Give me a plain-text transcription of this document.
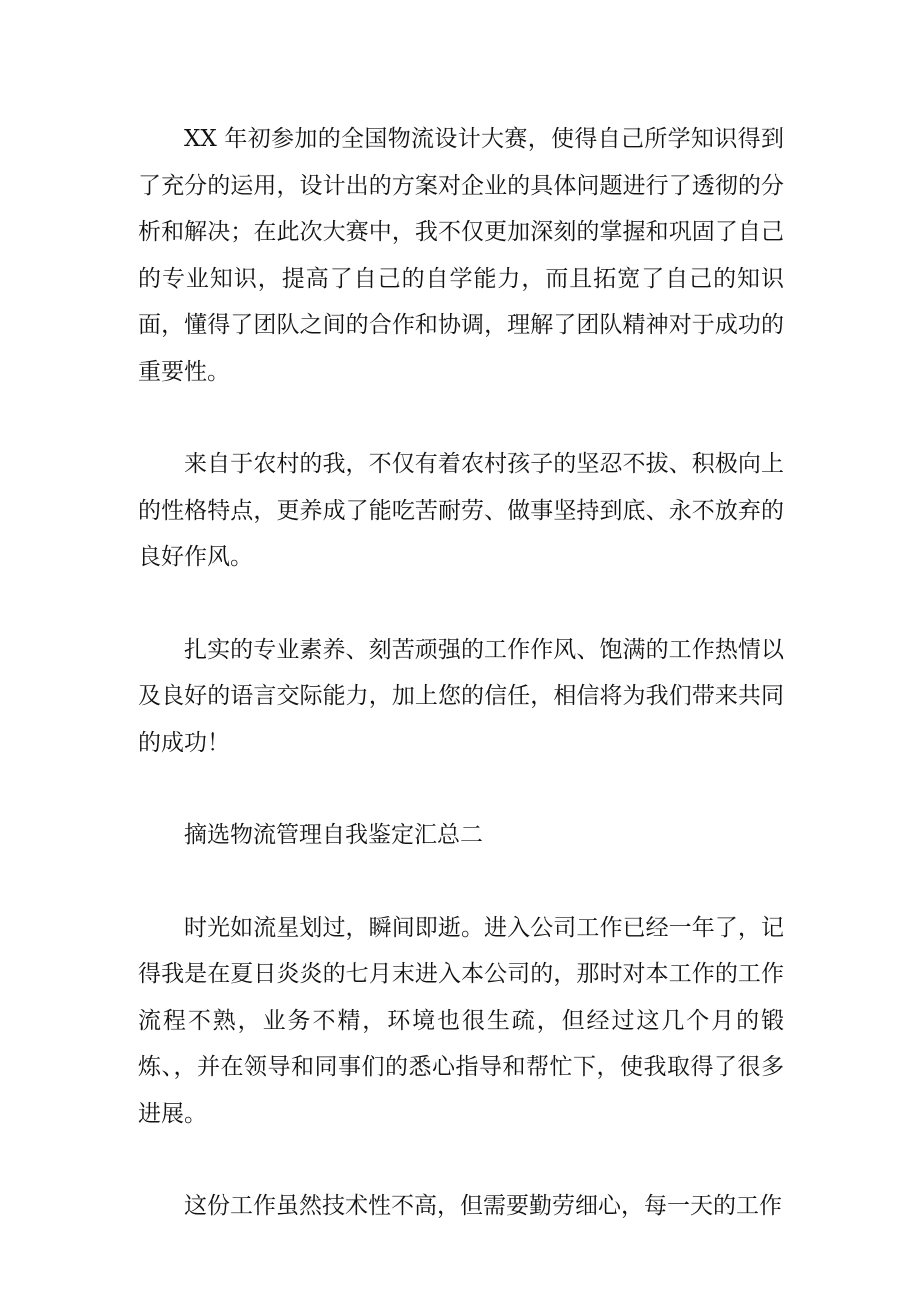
XX 年初参加的全国物流设计大赛，使得自己所学知识得到了充分的运用，设计出的方案对企业的具体问题进行了透彻的分析和解决；在此次大赛中，我不仅更加深刻的掌握和巩固了自己的专业知识，提高了自己的自学能力，而且拓宽了自己的知识面，懂得了团队之间的合作和协调，理解了团队精神对于成功的重要性。

来自于农村的我，不仅有着农村孩子的坚忍不拔、积极向上的性格特点，更养成了能吃苦耐劳、做事坚持到底、永不放弃的良好作风。

扎实的专业素养、刻苦顽强的工作作风、饱满的工作热情以及良好的语言交际能力，加上您的信任，相信将为我们带来共同的成功！

摘选物流管理自我鉴定汇总二

时光如流星划过，瞬间即逝。进入公司工作已经一年了，记得我是在夏日炎炎的七月末进入本公司的，那时对本工作的工作流程不熟，业务不精，环境也很生疏，但经过这几个月的锻炼、，并在领导和同事们的悉心指导和帮忙下，使我取得了很多进展。

这份工作虽然技术性不高，但需要勤劳细心，每一天的工作
